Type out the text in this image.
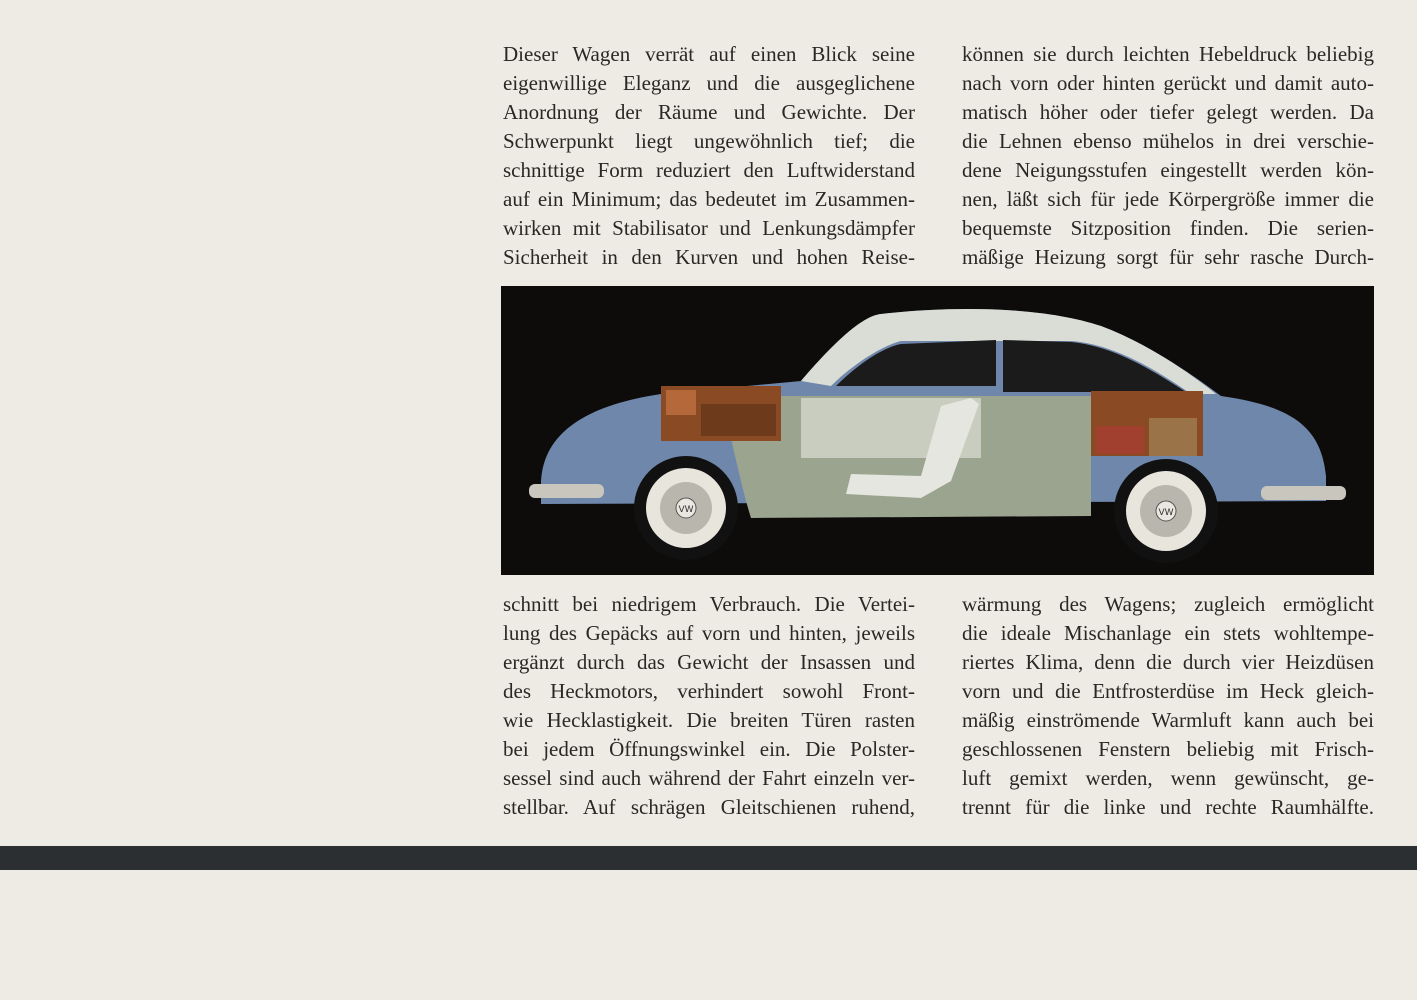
Dieser Wagen verrät auf einen Blick seine
eigenwillige Eleganz und die ausgeglichene
Anordnung der Räume und Gewichte. Der
Schwerpunkt liegt ungewöhnlich tief; die
schnittige Form reduziert den Luftwiderstand
auf ein Minimum; das bedeutet im Zusammen-
wirken mit Stabilisator und Lenkungsdämpfer
Sicherheit in den Kurven und hohen Reise-
können sie durch leichten Hebeldruck beliebig
nach vorn oder hinten gerückt und damit auto-
matisch höher oder tiefer gelegt werden. Da
die Lehnen ebenso mühelos in drei verschie-
dene Neigungsstufen eingestellt werden kön-
nen, läßt sich für jede Körpergröße immer die
bequemste Sitzposition finden. Die serien-
mäßige Heizung sorgt für sehr rasche Durch-
VW	VW
schnitt bei niedrigem Verbrauch. Die Vertei-
lung des Gepäcks auf vorn und hinten, jeweils
ergänzt durch das Gewicht der Insassen und
des Heckmotors, verhindert sowohl Front-
wie Hecklastigkeit. Die breiten Türen rasten
bei jedem Öffnungswinkel ein. Die Polster-
sessel sind auch während der Fahrt einzeln ver-
stellbar. Auf schrägen Gleitschienen ruhend,
wärmung des Wagens; zugleich ermöglicht
die ideale Mischanlage ein stets wohltempe-
riertes Klima, denn die durch vier Heizdüsen
vorn und die Entfrosterdüse im Heck gleich-
mäßig einströmende Warmluft kann auch bei
geschlossenen Fenstern beliebig mit Frisch-
luft gemixt werden, wenn gewünscht, ge-
trennt für die linke und rechte Raumhälfte.
